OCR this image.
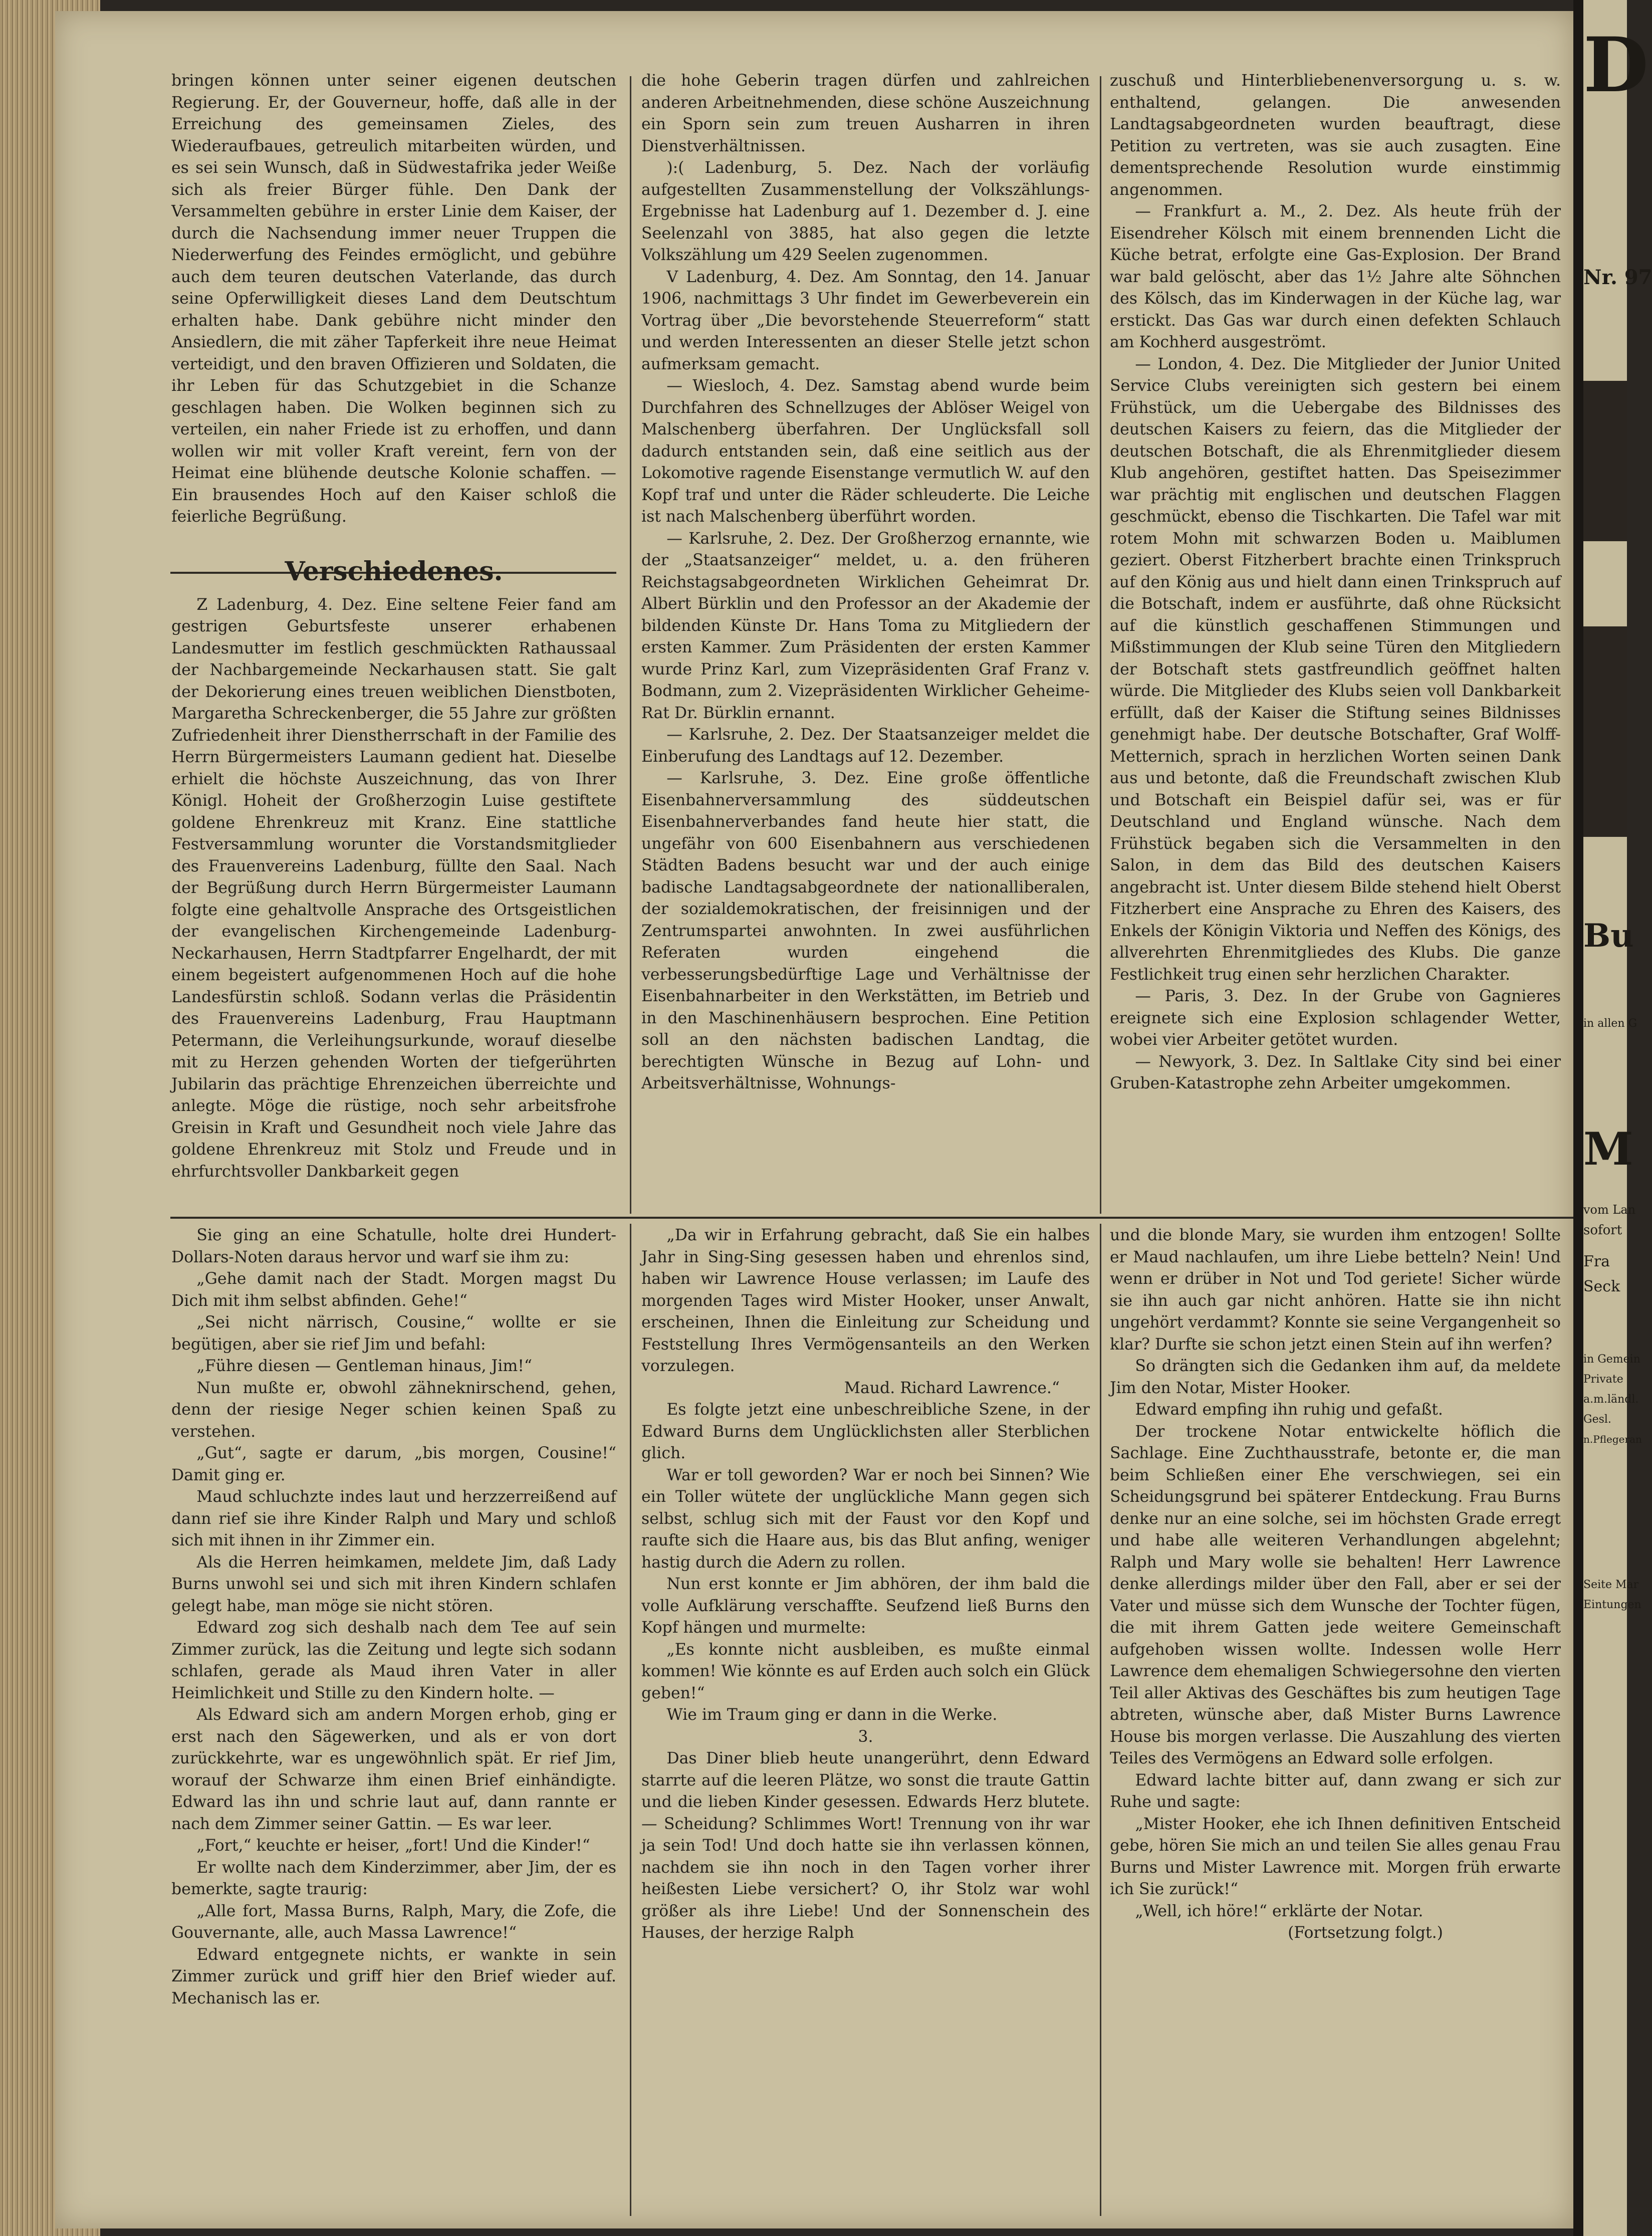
bringen können unter seiner eigenen deutschen Regierung. Er, der Gouverneur, hoffe, daß alle in der Erreichung des gemeinsamen Zieles, des Wiederaufbaues, getreulich mitarbeiten würden, und es sei sein Wunsch, daß in Südwestafrika jeder Weiße sich als freier Bürger fühle. Den Dank der Versammelten gebühre in erster Linie dem Kaiser, der durch die Nachsendung immer neuer Truppen die Niederwerfung des Feindes ermöglicht, und gebühre auch dem teuren deutschen Vaterlande, das durch seine Opferwilligkeit dieses Land dem Deutschtum erhalten habe. Dank gebühre nicht minder den Ansiedlern, die mit zäher Tapferkeit ihre neue Heimat verteidigt, und den braven Offizieren und Soldaten, die ihr Leben für das Schutzgebiet in die Schanze geschlagen haben. Die Wolken beginnen sich zu verteilen, ein naher Friede ist zu erhoffen, und dann wollen wir mit voller Kraft vereint, fern von der Heimat eine blühende deutsche Kolonie schaffen. — Ein brausendes Hoch auf den Kaiser schloß die feierliche Begrüßung.

Verschiedenes.

Z Ladenburg, 4. Dez. Eine seltene Feier fand am gestrigen Geburtsfeste unserer erhabenen Landesmutter im festlich geschmückten Rathaussaal der Nachbargemeinde Neckarhausen statt. Sie galt der Dekorierung eines treuen weiblichen Dienstboten, Margaretha Schreckenberger, die 55 Jahre zur größten Zufriedenheit ihrer Dienstherrschaft in der Familie des Herrn Bürgermeisters Laumann gedient hat. Dieselbe erhielt die höchste Auszeichnung, das von Ihrer Königl. Hoheit der Großherzogin Luise gestiftete goldene Ehrenkreuz mit Kranz. Eine stattliche Festversammlung worunter die Vorstandsmitglieder des Frauenvereins Ladenburg, füllte den Saal. Nach der Begrüßung durch Herrn Bürgermeister Laumann folgte eine gehaltvolle Ansprache des Ortsgeistlichen der evangelischen Kirchengemeinde Ladenburg-Neckarhausen, Herrn Stadtpfarrer Engelhardt, der mit einem begeistert aufgenommenen Hoch auf die hohe Landesfürstin schloß. Sodann verlas die Präsidentin des Frauenvereins Ladenburg, Frau Hauptmann Petermann, die Verleihungsurkunde, worauf dieselbe mit zu Herzen gehenden Worten der tiefgerührten Jubilarin das prächtige Ehrenzeichen überreichte und anlegte. Möge die rüstige, noch sehr arbeitsfrohe Greisin in Kraft und Gesundheit noch viele Jahre das goldene Ehrenkreuz mit Stolz und Freude und in ehrfurchtsvoller Dankbarkeit gegen

die hohe Geberin tragen dürfen und zahlreichen anderen Arbeitnehmenden, diese schöne Auszeichnung ein Sporn sein zum treuen Ausharren in ihren Dienstverhältnissen.

):( Ladenburg, 5. Dez. Nach der vorläufig aufgestellten Zusammenstellung der Volkszählungs-Ergebnisse hat Ladenburg auf 1. Dezember d. J. eine Seelenzahl von 3885, hat also gegen die letzte Volkszählung um 429 Seelen zugenommen.

V Ladenburg, 4. Dez. Am Sonntag, den 14. Januar 1906, nachmittags 3 Uhr findet im Gewerbeverein ein Vortrag über „Die bevorstehende Steuerreform“ statt und werden Interessenten an dieser Stelle jetzt schon aufmerksam gemacht.

— Wiesloch, 4. Dez. Samstag abend wurde beim Durchfahren des Schnellzuges der Ablöser Weigel von Malschenberg überfahren. Der Unglücksfall soll dadurch entstanden sein, daß eine seitlich aus der Lokomotive ragende Eisenstange vermutlich W. auf den Kopf traf und unter die Räder schleuderte. Die Leiche ist nach Malschenberg überführt worden.

— Karlsruhe, 2. Dez. Der Großherzog ernannte, wie der „Staatsanzeiger“ meldet, u. a. den früheren Reichstagsabgeordneten Wirklichen Geheimrat Dr. Albert Bürklin und den Professor an der Akademie der bildenden Künste Dr. Hans Toma zu Mitgliedern der ersten Kammer. Zum Präsidenten der ersten Kammer wurde Prinz Karl, zum Vizepräsidenten Graf Franz v. Bodmann, zum 2. Vizepräsidenten Wirklicher Geheime-Rat Dr. Bürklin ernannt.

— Karlsruhe, 2. Dez. Der Staatsanzeiger meldet die Einberufung des Landtags auf 12. Dezember.

— Karlsruhe, 3. Dez. Eine große öffentliche Eisenbahnerversammlung des süddeutschen Eisenbahnerverbandes fand heute hier statt, die ungefähr von 600 Eisenbahnern aus verschiedenen Städten Badens besucht war und der auch einige badische Landtagsabgeordnete der nationalliberalen, der sozialdemokratischen, der freisinnigen und der Zentrumspartei anwohnten. In zwei ausführlichen Referaten wurden eingehend die verbesserungsbedürftige Lage und Verhältnisse der Eisenbahnarbeiter in den Werkstätten, im Betrieb und in den Maschinenhäusern besprochen. Eine Petition soll an den nächsten badischen Landtag, die berechtigten Wünsche in Bezug auf Lohn- und Arbeitsverhältnisse, Wohnungs-

zuschuß und Hinterbliebenenversorgung u. s. w. enthaltend, gelangen. Die anwesenden Landtagsabgeordneten wurden beauftragt, diese Petition zu vertreten, was sie auch zusagten. Eine dementsprechende Resolution wurde einstimmig angenommen.

— Frankfurt a. M., 2. Dez. Als heute früh der Eisendreher Kölsch mit einem brennenden Licht die Küche betrat, erfolgte eine Gas-Explosion. Der Brand war bald gelöscht, aber das 1½ Jahre alte Söhnchen des Kölsch, das im Kinderwagen in der Küche lag, war erstickt. Das Gas war durch einen defekten Schlauch am Kochherd ausgeströmt.

— London, 4. Dez. Die Mitglieder der Junior United Service Clubs vereinigten sich gestern bei einem Frühstück, um die Uebergabe des Bildnisses des deutschen Kaisers zu feiern, das die Mitglieder der deutschen Botschaft, die als Ehrenmitglieder diesem Klub angehören, gestiftet hatten. Das Speisezimmer war prächtig mit englischen und deutschen Flaggen geschmückt, ebenso die Tischkarten. Die Tafel war mit rotem Mohn mit schwarzen Boden u. Maiblumen geziert. Oberst Fitzherbert brachte einen Trinkspruch auf den König aus und hielt dann einen Trinkspruch auf die Botschaft, indem er ausführte, daß ohne Rücksicht auf die künstlich geschaffenen Stimmungen und Mißstimmungen der Klub seine Türen den Mitgliedern der Botschaft stets gastfreundlich geöffnet halten würde. Die Mitglieder des Klubs seien voll Dankbarkeit erfüllt, daß der Kaiser die Stiftung seines Bildnisses genehmigt habe. Der deutsche Botschafter, Graf Wolff-Metternich, sprach in herzlichen Worten seinen Dank aus und betonte, daß die Freundschaft zwischen Klub und Botschaft ein Beispiel dafür sei, was er für Deutschland und England wünsche. Nach dem Frühstück begaben sich die Versammelten in den Salon, in dem das Bild des deutschen Kaisers angebracht ist. Unter diesem Bilde stehend hielt Oberst Fitzherbert eine Ansprache zu Ehren des Kaisers, des Enkels der Königin Viktoria und Neffen des Königs, des allverehrten Ehrenmitgliedes des Klubs. Die ganze Festlichkeit trug einen sehr herzlichen Charakter.

— Paris, 3. Dez. In der Grube von Gagnieres ereignete sich eine Explosion schlagender Wetter, wobei vier Arbeiter getötet wurden.

— Newyork, 3. Dez. In Saltlake City sind bei einer Gruben-Katastrophe zehn Arbeiter umgekommen.

Sie ging an eine Schatulle, holte drei Hundert-Dollars-Noten daraus hervor und warf sie ihm zu:

„Gehe damit nach der Stadt. Morgen magst Du Dich mit ihm selbst abfinden. Gehe!“

„Sei nicht närrisch, Cousine,“ wollte er sie begütigen, aber sie rief Jim und befahl:

„Führe diesen — Gentleman hinaus, Jim!“

Nun mußte er, obwohl zähneknirschend, gehen, denn der riesige Neger schien keinen Spaß zu verstehen.

„Gut“, sagte er darum, „bis morgen, Cousine!“ Damit ging er.

Maud schluchzte indes laut und herzzerreißend auf dann rief sie ihre Kinder Ralph und Mary und schloß sich mit ihnen in ihr Zimmer ein.

Als die Herren heimkamen, meldete Jim, daß Lady Burns unwohl sei und sich mit ihren Kindern schlafen gelegt habe, man möge sie nicht stören.

Edward zog sich deshalb nach dem Tee auf sein Zimmer zurück, las die Zeitung und legte sich sodann schlafen, gerade als Maud ihren Vater in aller Heimlichkeit und Stille zu den Kindern holte. —

Als Edward sich am andern Morgen erhob, ging er erst nach den Sägewerken, und als er von dort zurückkehrte, war es ungewöhnlich spät. Er rief Jim, worauf der Schwarze ihm einen Brief einhändigte. Edward las ihn und schrie laut auf, dann rannte er nach dem Zimmer seiner Gattin. — Es war leer.

„Fort,“ keuchte er heiser, „fort! Und die Kinder!“

Er wollte nach dem Kinderzimmer, aber Jim, der es bemerkte, sagte traurig:

„Alle fort, Massa Burns, Ralph, Mary, die Zofe, die Gouvernante, alle, auch Massa Lawrence!“

Edward entgegnete nichts, er wankte in sein Zimmer zurück und griff hier den Brief wieder auf. Mechanisch las er.

„Da wir in Erfahrung gebracht, daß Sie ein halbes Jahr in Sing-Sing gesessen haben und ehrenlos sind, haben wir Lawrence House verlassen; im Laufe des morgenden Tages wird Mister Hooker, unser Anwalt, erscheinen, Ihnen die Einleitung zur Scheidung und Feststellung Ihres Vermögensanteils an den Werken vorzulegen.

Maud. Richard Lawrence.“

Es folgte jetzt eine unbeschreibliche Szene, in der Edward Burns dem Unglücklichsten aller Sterblichen glich.

War er toll geworden? War er noch bei Sinnen? Wie ein Toller wütete der unglückliche Mann gegen sich selbst, schlug sich mit der Faust vor den Kopf und raufte sich die Haare aus, bis das Blut anfing, weniger hastig durch die Adern zu rollen.

Nun erst konnte er Jim abhören, der ihm bald die volle Aufklärung verschaffte. Seufzend ließ Burns den Kopf hängen und murmelte:

„Es konnte nicht ausbleiben, es mußte einmal kommen! Wie könnte es auf Erden auch solch ein Glück geben!“

Wie im Traum ging er dann in die Werke.

3.

Das Diner blieb heute unangerührt, denn Edward starrte auf die leeren Plätze, wo sonst die traute Gattin und die lieben Kinder gesessen. Edwards Herz blutete. — Scheidung? Schlimmes Wort! Trennung von ihr war ja sein Tod! Und doch hatte sie ihn verlassen können, nachdem sie ihn noch in den Tagen vorher ihrer heißesten Liebe versichert? O, ihr Stolz war wohl größer als ihre Liebe! Und der Sonnenschein des Hauses, der herzige Ralph

und die blonde Mary, sie wurden ihm entzogen! Sollte er Maud nachlaufen, um ihre Liebe betteln? Nein! Und wenn er drüber in Not und Tod geriete! Sicher würde sie ihn auch gar nicht anhören. Hatte sie ihn nicht ungehört verdammt? Konnte sie seine Vergangenheit so klar? Durfte sie schon jetzt einen Stein auf ihn werfen?

So drängten sich die Gedanken ihm auf, da meldete Jim den Notar, Mister Hooker.

Edward empfing ihn ruhig und gefaßt.

Der trockene Notar entwickelte höflich die Sachlage. Eine Zuchthausstrafe, betonte er, die man beim Schließen einer Ehe verschwiegen, sei ein Scheidungsgrund bei späterer Entdeckung. Frau Burns denke nur an eine solche, sei im höchsten Grade erregt und habe alle weiteren Verhandlungen abgelehnt; Ralph und Mary wolle sie behalten! Herr Lawrence denke allerdings milder über den Fall, aber er sei der Vater und müsse sich dem Wunsche der Tochter fügen, die mit ihrem Gatten jede weitere Gemeinschaft aufgehoben wissen wollte. Indessen wolle Herr Lawrence dem ehemaligen Schwiegersohne den vierten Teil aller Aktivas des Geschäftes bis zum heutigen Tage abtreten, wünsche aber, daß Mister Burns Lawrence House bis morgen verlasse. Die Auszahlung des vierten Teiles des Vermögens an Edward solle erfolgen.

Edward lachte bitter auf, dann zwang er sich zur Ruhe und sagte:

„Mister Hooker, ehe ich Ihnen definitiven Entscheid gebe, hören Sie mich an und teilen Sie alles genau Frau Burns und Mister Lawrence mit. Morgen früh erwarte ich Sie zurück!“

„Well, ich höre!“ erklärte der Notar.

(Fortsetzung folgt.)

D
Nr. 97
Bu
in allen G
M
vom Lan
sofort
Fra
Seck
in Gemein
Private
a.m.ländl.
Gesl.
n.Pflegeran
Seite Mar
Eintungen
